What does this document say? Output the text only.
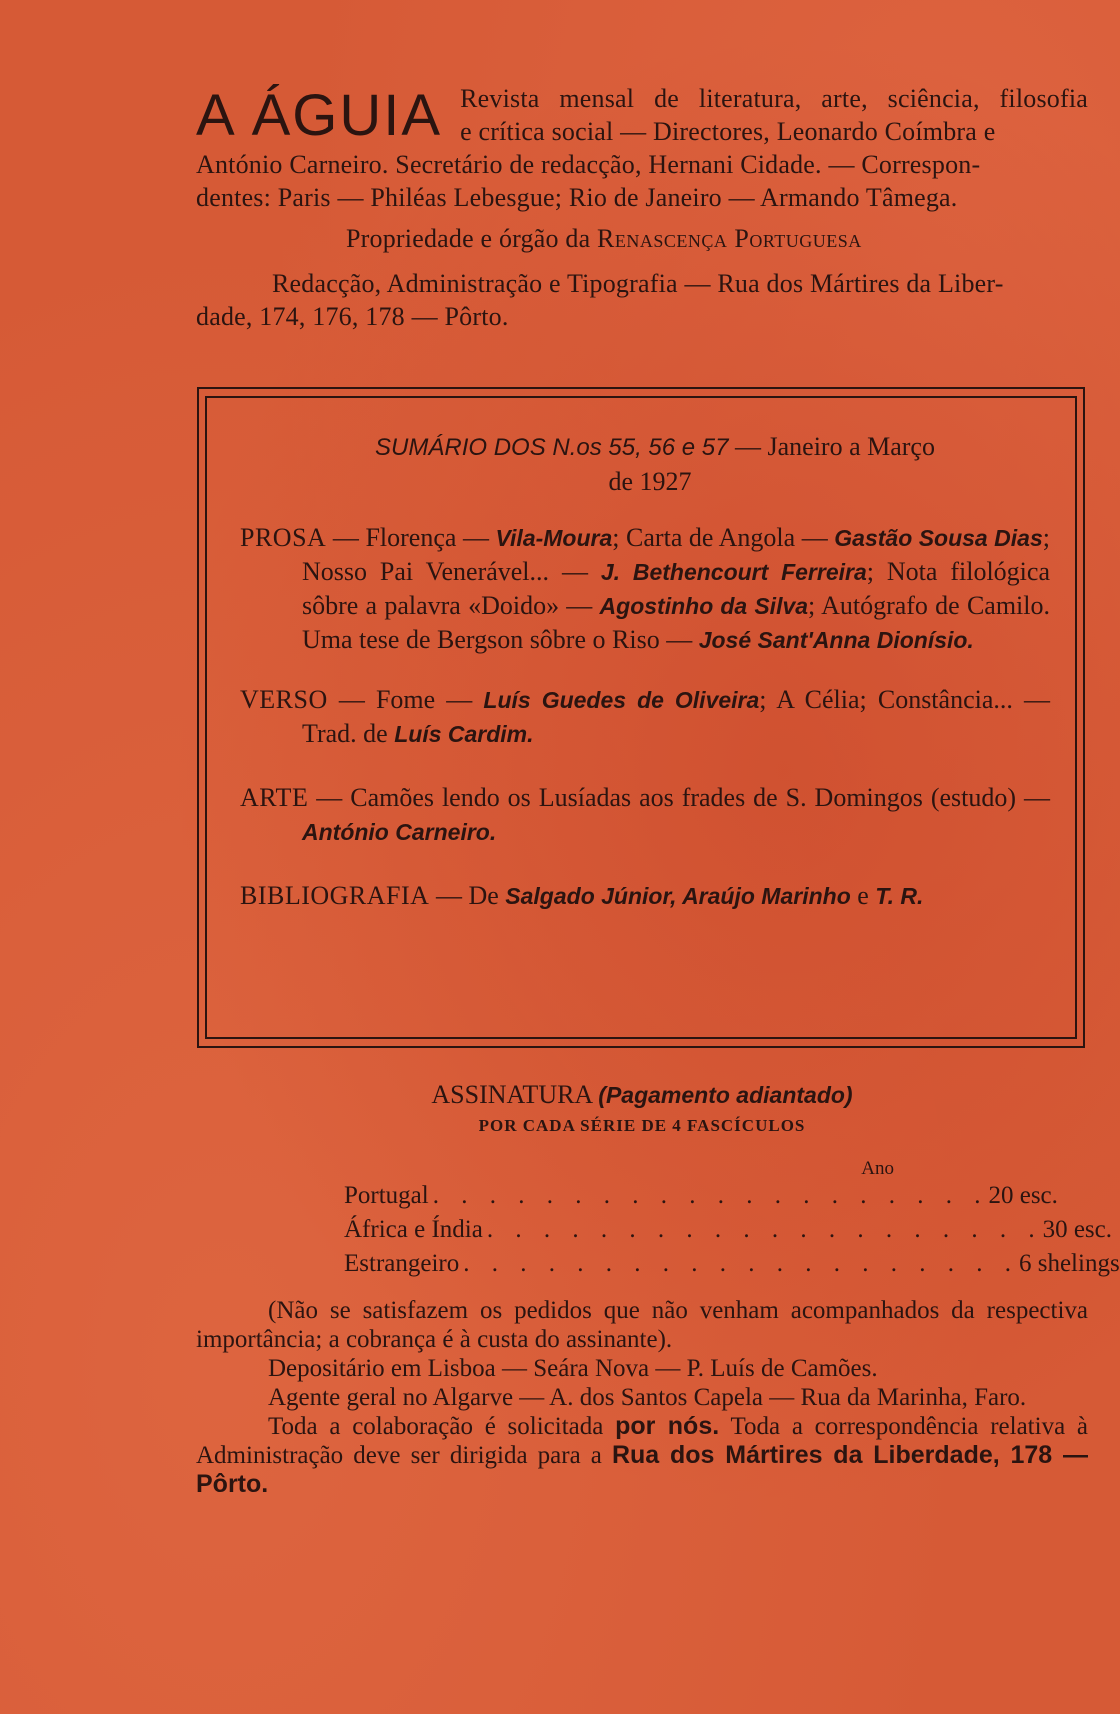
A ÁGUIA Revista mensal de literatura, arte, sciência, filosofia

e crítica social — Directores, Leonardo Coímbra e

António Carneiro. Secretário de redacção, Hernani Cidade. — Correspon-

dentes: Paris — Philéas Lebesgue; Rio de Janeiro — Armando Tâmega.

Propriedade e órgão da Renascença Portuguesa

Redacção, Administração e Tipografia — Rua dos Mártires da Liber-

dade, 174, 176, 178 — Pôrto.

SUMÁRIO DOS N.os 55, 56 e 57 — Janeiro a Março
de 1927
PROSA — Florença — Vila-Moura; Carta de Angola — Gastão Sousa Dias; Nosso Pai Venerável... — J. Bethencourt Ferreira; Nota filológica sôbre a palavra «Doido» — Agostinho da Silva; Autógrafo de Camilo. Uma tese de Bergson sôbre o Riso — José Sant'Anna Dionísio.
VERSO — Fome — Luís Guedes de Oliveira; A Célia; Constância... — Trad. de Luís Cardim.
ARTE — Camões lendo os Lusíadas aos frades de S. Domingos (estudo) — António Carneiro.
BIBLIOGRAFIA — De Salgado Júnior, Araújo Marinho e T. R.

ASSINATURA (Pagamento adiantado)

POR CADA SÉRIE DE 4 FASCÍCULOS

Ano
Portugal . . . . . . . . . . . . . . . . . . . . 20 esc.
África e Índia . . . . . . . . . . . . . . . . . . . . 30 esc.
Estrangeiro . . . . . . . . . . . . . . . . . . . . 6 shelings

(Não se satisfazem os pedidos que não venham acompanhados da respectiva importância; a cobrança é à custa do assinante).

Depositário em Lisboa — Seára Nova — P. Luís de Camões.

Agente geral no Algarve — A. dos Santos Capela — Rua da Marinha, Faro.

Toda a colaboração é solicitada por nós. Toda a correspondência relativa à Administração deve ser dirigida para a Rua dos Mártires da Liberdade, 178 — Pôrto.
